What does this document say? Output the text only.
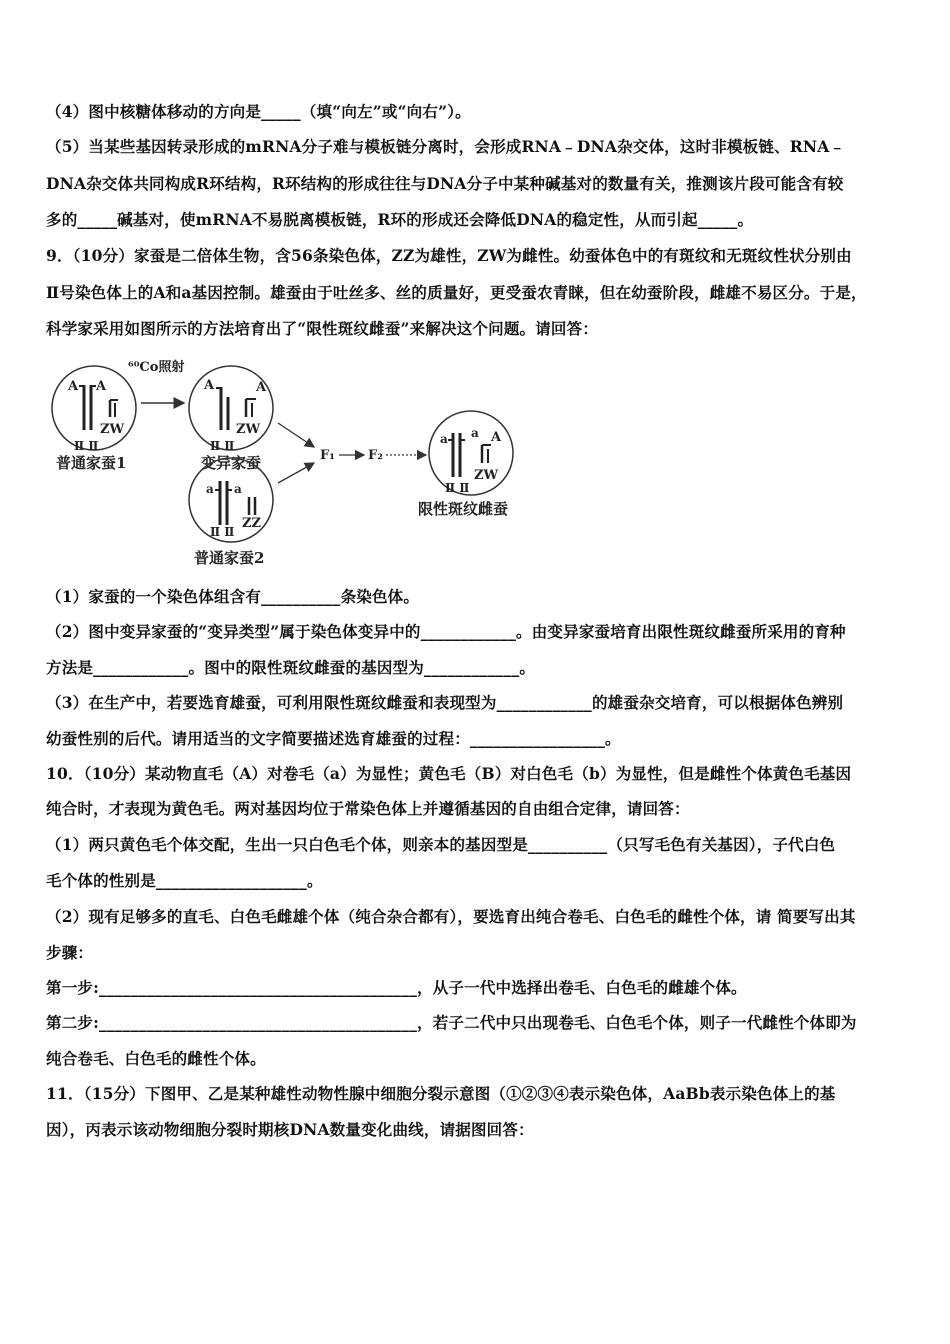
（4）图中核糖体移动的方向是_____（填“向左”或“向右”）。
（5）当某些基因转录形成的mRNA分子难与模板链分离时，会形成RNA﹣DNA杂交体，这时非模板链、RNA﹣
DNA杂交体共同构成R环结构，R环结构的形成往往与DNA分子中某种碱基对的数量有关，推测该片段可能含有较
多的_____碱基对，使mRNA不易脱离模板链，R环的形成还会降低DNA的稳定性，从而引起_____。
9．（10分）家蚕是二倍体生物，含56条染色体，ZZ为雄性，ZW为雌性。幼蚕体色中的有斑纹和无斑纹性状分别由
Ⅱ号染色体上的A和a基因控制。雄蚕由于吐丝多、丝的质量好，更受蚕农青睐，但在幼蚕阶段，雌雄不易区分。于是，
科学家采用如图所示的方法培育出了“限性斑纹雌蚕”来解决这个问题。请回答：
A A
ZW
Ⅱ Ⅱ
普通家蚕1
⁶⁰Co照射
A	A
ZW
Ⅱ Ⅱ
变异家蚕
a a
ZZ
Ⅱ Ⅱ
普通家蚕2
F₁	F₂
a a A
ZW
Ⅱ Ⅱ
限性斑纹雌蚕
（1）家蚕的一个染色体组含有__________条染色体。
（2）图中变异家蚕的“变异类型”属于染色体变异中的____________。由变异家蚕培育出限性斑纹雌蚕所采用的育种
方法是____________。图中的限性斑纹雌蚕的基因型为____________。
（3）在生产中，若要选育雄蚕，可利用限性斑纹雌蚕和表现型为____________的雄蚕杂交培育，可以根据体色辨别
幼蚕性别的后代。请用适当的文字简要描述选育雄蚕的过程：_________________。
10．（10分）某动物直毛（A）对卷毛（a）为显性；黄色毛（B）对白色毛（b）为显性，但是雌性个体黄色毛基因
纯合时，才表现为黄色毛。两对基因均位于常染色体上并遵循基因的自由组合定律，请回答：
（1）两只黄色毛个体交配，生出一只白色毛个体，则亲本的基因型是__________（只写毛色有关基因），子代白色
毛个体的性别是___________________。
（2）现有足够多的直毛、白色毛雌雄个体（纯合杂合都有），要选育出纯合卷毛、白色毛的雌性个体，请 简要写出其
步骤：
第一步:________________________________________，从子一代中选择出卷毛、白色毛的雌雄个体。
第二步:________________________________________，若子二代中只出现卷毛、白色毛个体，则子一代雌性个体即为
纯合卷毛、白色毛的雌性个体。
11．（15分）下图甲、乙是某种雄性动物性腺中细胞分裂示意图（①②③④表示染色体，AaBb表示染色体上的基
因），丙表示该动物细胞分裂时期核DNA数量变化曲线，请据图回答：
